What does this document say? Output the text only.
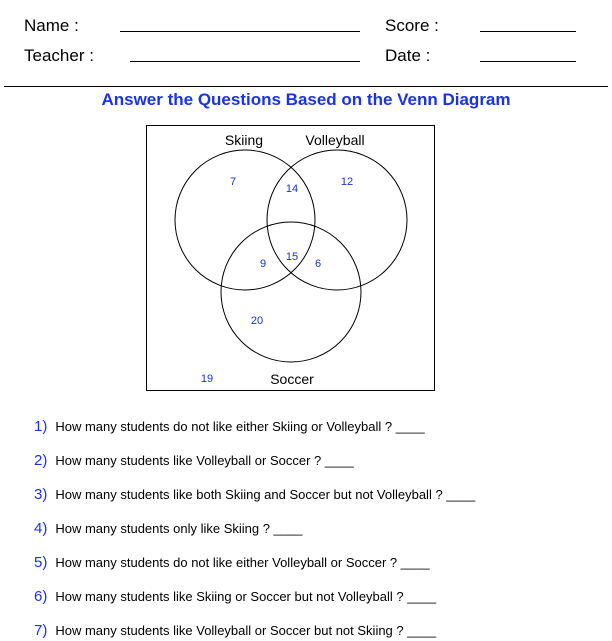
Name :	Score :
Teacher :	Date :
Answer the Questions Based on the Venn Diagram
Skiing	Volleyball
Soccer
7	12
14
9
15
6
20
19
1) How many students do not like either Skiing or Volleyball ? ____
2) How many students like Volleyball or Soccer ? ____
3) How many students like both Skiing and Soccer but not Volleyball ? ____
4) How many students only like Skiing ? ____
5) How many students do not like either Volleyball or Soccer ? ____
6) How many students like Skiing or Soccer but not Volleyball ? ____
7) How many students like Volleyball or Soccer but not Skiing ? ____
